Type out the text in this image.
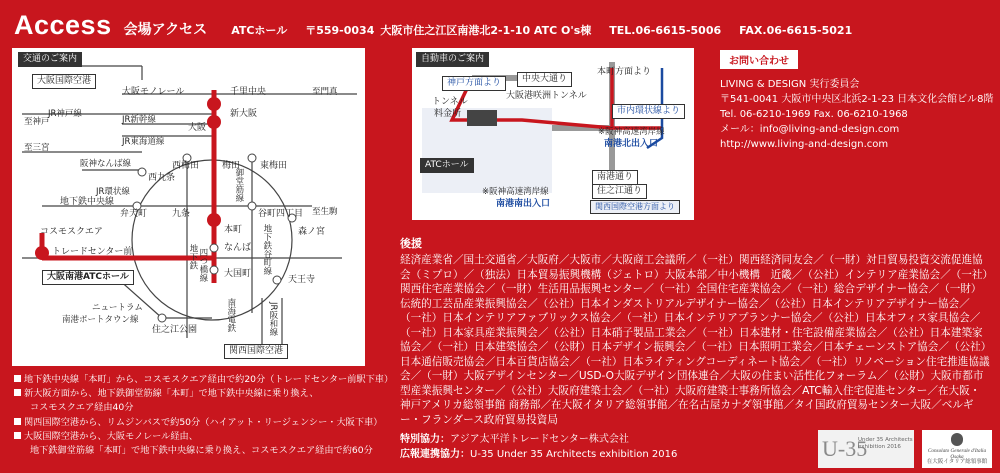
Access 会場アクセス ATCホール 〒559-0034 大阪市住之江区南港北2-1-10 ATC O's棟 TEL.06-6615-5006 FAX.06-6615-5021
交通のご案内
大阪国際空港
大阪モノレール	至門真
千里中央
新大阪
大阪
至神戸	JR新幹線
JR神戸線
JR東海道線
至三宮
西梅田	梅田 東梅田
阪神なんば線
西九条
JR環状線	御堂筋線
地下鉄中央線
弁天町	九条	谷町四丁目 至生駒
本町	森ノ宮
地下鉄谷町線
コスモスクエア
なんば
トレードセンター前	四つ橋線
地下鉄
大国町
天王寺
大阪南港ATCホール
ニュートラム
南港ポートタウン線
住之江公園	南海電鉄	JR阪和線
関西国際空港
自動車のご案内
神戸方面より	中央大通り
本町方面より
トンネル
料金所
大阪港咲洲トンネル
市内環状線より
※阪神高速湾岸線
南港北出入口
ATCホール
南港通り
住之江通り
※阪神高速湾岸線
南港南出入口	関西国際空港方面より
お問い合わせ
LIVING & DESIGN 実行委員会
〒541-0041 大阪市中央区北浜2-1-23 日本文化会館ビル8階
Tel. 06-6210-1969 Fax. 06-6210-1968
メール：info@living-and-design.com
http://www.living-and-design.com
地下鉄中央線「本町」から、コスモスクエア経由で約20分（トレードセンター前駅下車）
新大阪方面から、地下鉄御堂筋線「本町」で地下鉄中央線に乗り換え、
コスモスクエア経由40分
関西国際空港から、リムジンバスで約50分（ハイアット・リージェンシー・大阪下車）
大阪国際空港から、大阪モノレール経由、
地下鉄御堂筋線「本町」で地下鉄中央線に乗り換え、コスモスクエア経由で約60分
後援
経済産業省／国土交通省／大阪府／大阪市／大阪商工会議所／（一社）関西経済同友会／（一財）対日貿易投資交流促進協会（ミプロ）／（独法）日本貿易振興機構（ジェトロ）大阪本部／中小機構　近畿／（公社）インテリア産業協会／（一社）関西住宅産業協会／（一財）生活用品振興センター／（一社）全国住宅産業協会／（一社）総合デザイナー協会／（一財）伝統的工芸品産業振興協会／（公社）日本インダストリアルデザイナー協会／（公社）日本インテリアデザイナー協会／（一社）日本インテリアファブリックス協会／（一社）日本インテリアプランナー協会／（公社）日本オフィス家具協会／（一社）日本家具産業振興会／（公社）日本硝子製品工業会／（一社）日本建材・住宅設備産業協会／（公社）日本建築家協会／（一社）日本建築協会／（公財）日本デザイン振興会／（一社）日本照明工業会／日本チェーンストア協会／（公社）日本通信販売協会／日本百貨店協会／（一社）日本ライティングコーディネート協会／（一社）リノベーション住宅推進協議会／（一財）大阪デザインセンター／USD-O大阪デザイン団体連合／大阪の住まい活性化フォーラム／（公財）大阪市都市型産業振興センター／（公社）大阪府建築士会／（一社）大阪府建築士事務所協会／ATC輸入住宅促進センター／在大阪・神戸アメリカ総領事館 商務部／在大阪イタリア総領事館／在名古屋カナダ領事館／タイ国政府貿易センター大阪／ベルギー・フランダース政府貿易投資局
特別協力：アジア太平洋トレードセンター株式会社
広報連携協力：U-35 Under 35 Architects exhibition 2016	U-35
Under 35 Architects exhibition 2016
Consolato Generale d'Italia Osaka
在大阪イタリア総領事館
